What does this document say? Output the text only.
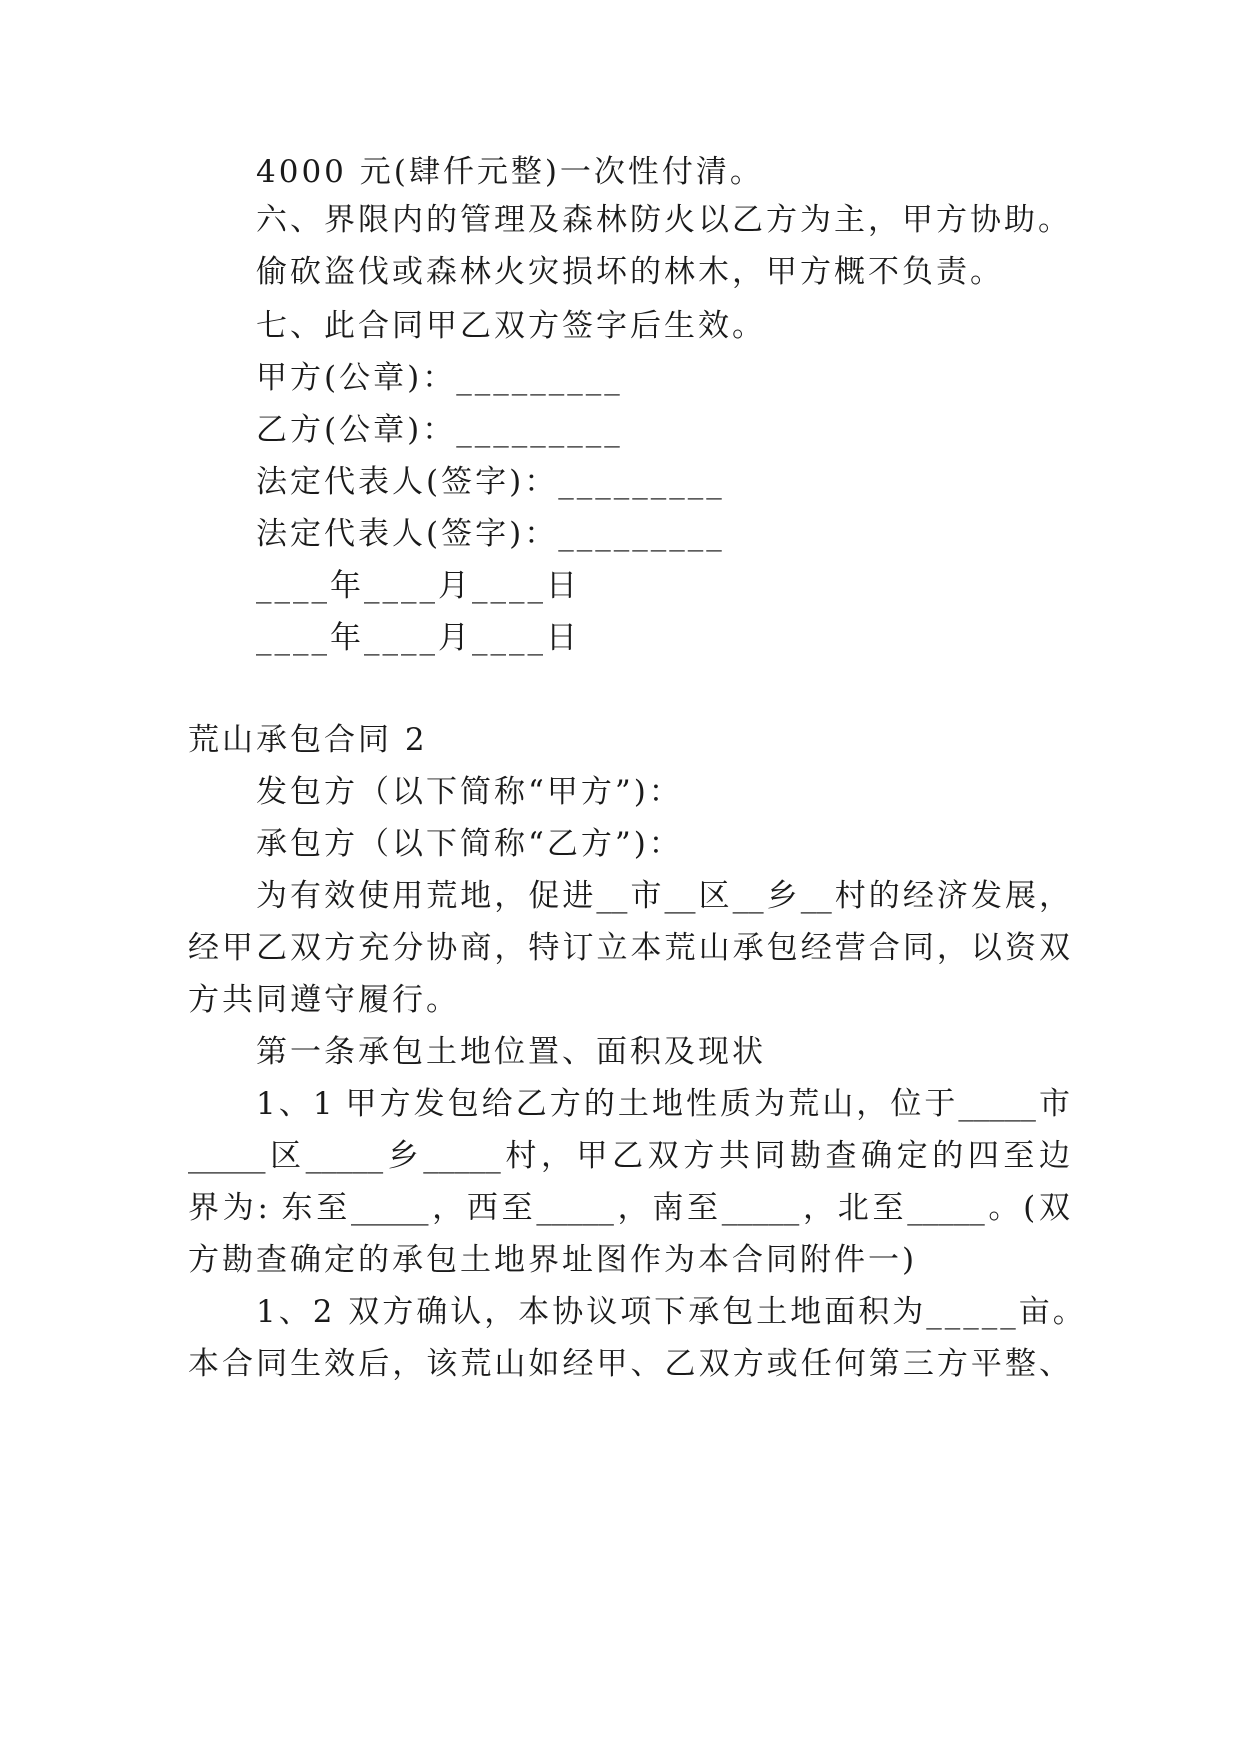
4000 元(肆仟元整)一次性付清。
六、界限内的管理及森林防火以乙方为主，甲方协助。
偷砍盗伐或森林火灾损坏的林木，甲方概不负责。
七、此合同甲乙双方签字后生效。
甲方(公章)：_________
乙方(公章)：_________
法定代表人(签字)：_________
法定代表人(签字)：_________
____年____月____日
____年____月____日
荒山承包合同 2
发包方（以下简称“甲方”)：
承包方（以下简称“乙方”)：
为有效使用荒地，促进__市__区__乡__村的经济发展，
经甲乙双方充分协商，特订立本荒山承包经营合同，以资双
方共同遵守履行。
第一条承包土地位置、面积及现状
1、1 甲方发包给乙方的土地性质为荒山，位于_____市
_____区_____乡_____村，甲乙双方共同勘查确定的四至边
界为: 东至_____，西至_____，南至_____，北至_____。(双
方勘查确定的承包土地界址图作为本合同附件一)
1、2 双方确认，本协议项下承包土地面积为_____亩。
本合同生效后，该荒山如经甲、乙双方或任何第三方平整、
